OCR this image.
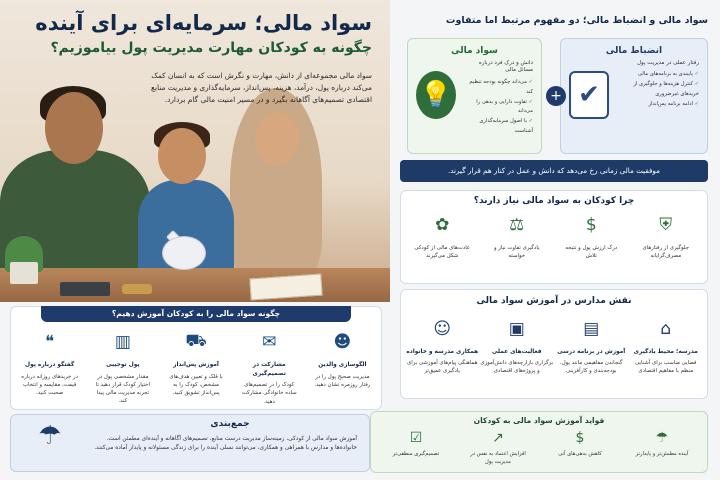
سواد مالی؛ سرمایه‌ای برای آینده
چگونه به کودکان مهارت مدیریت پول بیاموزیم؟

سواد مالی مجموعه‌ای از دانش، مهارت و نگرش است که به انسان کمک می‌کند درباره پول، درآمد، هزینه، پس‌انداز، سرمایه‌گذاری و مدیریت منابع اقتصادی تصمیم‌های آگاهانه بگیرد و در مسیر امنیت مالی گام بردارد.

سواد مالی و انضباط مالی؛ دو مفهوم مرتبط اما متفاوت
انضباط مالی
✔
رفتار عملی در مدیریت پول
✓ پایبندی به برنامه‌های مالی
✓ کنترل هزینه‌ها و جلوگیری از خریدهای غیرضروری
✓ ادامه برنامه پس‌انداز
+
سواد مالی
💡
دانش و درک فرد درباره مسائل مالی
✓ می‌داند چگونه بودجه تنظیم کند
✓ تفاوت دارایی و بدهی را می‌داند
✓ با اصول سرمایه‌گذاری آشناست
موفقیت مالی زمانی رخ می‌دهد که دانش و عمل در کنار هم قرار گیرند.
چرا کودکان به سواد مالی نیاز دارند؟
⛨
جلوگیری از رفتارهای مصرف‌گرایانه
$
درک ارزش پول و نتیجه تلاش
⚖
یادگیری تفاوت نیاز و خواسته
✿
عادت‌های مالی از کودکی شکل می‌گیرند
نقش مدارس در آموزش سواد مالی
⌂
مدرسه؛ محیط یادگیری
فضایی مناسب برای آشنایی منظم با مفاهیم اقتصادی
▤
آموزش در برنامه درسی
گنجاندن مفاهیمی مانند پول، بودجه‌بندی و کارآفرینی
▣
فعالیت‌های عملی
برگزاری بازارچه‌های دانش‌آموزی و پروژه‌های اقتصادی
☺
همکاری مدرسه و خانواده
هماهنگی پیام‌های آموزشی برای یادگیری عمیق‌تر
چگونه سواد مالی را به کودکان آموزش دهیم؟
☻
الگوسازی والدین
مدیریت صحیح پول را در رفتار روزمره نشان دهید.
✉
مشارکت در تصمیم‌گیری
کودک را در تصمیم‌های ساده خانوادگی مشارکت دهید.
⛟
آموزش پس‌انداز
با قلک و تعیین هدف‌های مشخص، کودک را به پس‌انداز تشویق کنید.
▥
پول توجیبی
مقدار مشخصی پول در اختیار کودک قرار دهید تا تجربه مدیریت مالی پیدا کند.
❝
گفتگو درباره پول
در خریدهای روزانه درباره قیمت، مقایسه و انتخاب صحبت کنید.
☂	جمع‌بندی

آموزش سواد مالی از کودکی، زمینه‌ساز مدیریت درست منابع، تصمیم‌های آگاهانه و آینده‌ای مطمئن است. خانواده‌ها و مدارس با همراهی و همکاری، می‌توانند نسلی آینده را برای زندگی مسئولانه و پایدار آماده می‌کنند.

فواید آموزش سواد مالی به کودکان
☂
آینده مطمئن‌تر و پایدارتر
$
کاهش بدهی‌های آتی
↗
افزایش اعتماد به نفس در مدیریت پول
☑
تصمیم‌گیری منطقی‌تر
